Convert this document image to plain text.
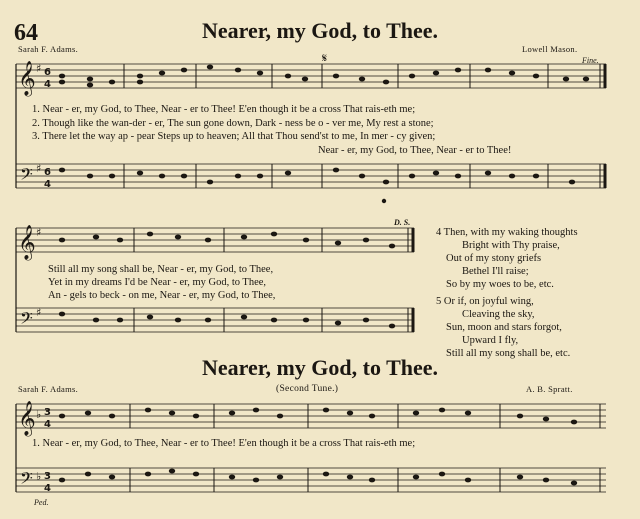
64	Nearer, my God, to Thee.
Sarah F. Adams.	Lowell Mason.
Fine.
𝄞
𝄢
𝄞
𝄢
𝄞
𝄢
♯
♯
♯
♯
♭
♭
6
4
6
4
3
4
3
4
𝄋
1. Near - er, my God, to Thee, Near - er to Thee! E'en though it be a cross That rais-eth me;
2. Though like the wan-der - er, The sun gone down, Dark - ness be o - ver me, My rest a stone;
3. There let the way ap - pear Steps up to heaven; All that Thou send'st to me, In mer - cy given;
Near - er, my God, to Thee, Near - er to Thee!
D. S.
Still all my song shall be, Near - er, my God, to Thee,
Yet in my dreams I'd be Near - er, my God, to Thee,
An - gels to beck - on me, Near - er, my God, to Thee,
4 Then, with my waking thoughts
Bright with Thy praise,
Out of my stony griefs
Bethel I'll raise;
So by my woes to be, etc.
5 Or if, on joyful wing,
Cleaving the sky,
Sun, moon and stars forgot,
Upward I fly,
Still all my song shall be, etc.
Nearer, my God, to Thee.
Sarah F. Adams.	(Second Tune.)	A. B. Spratt.
1. Near - er, my God, to Thee, Near - er to Thee! E'en though it be a cross That rais-eth me;
Ped.
